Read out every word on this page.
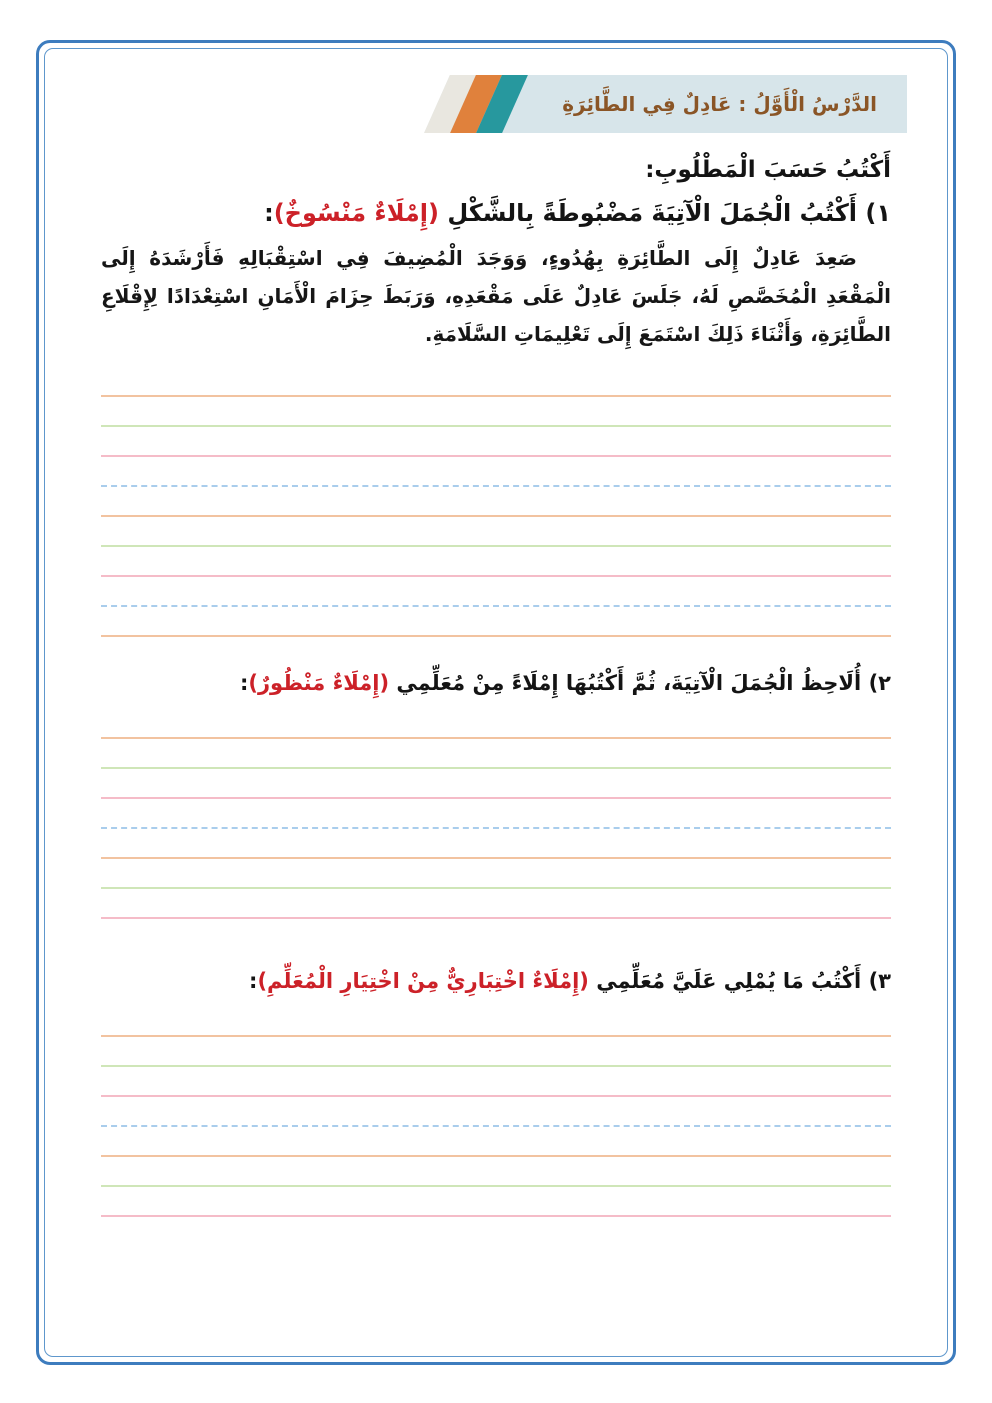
الدَّرْسُ الْأَوَّلُ : عَادِلٌ فِي الطَّائِرَةِ

أَكْتُبُ حَسَبَ الْمَطْلُوبِ:

١) أَكْتُبُ الْجُمَلَ الْآتِيَةَ مَضْبُوطَةً بِالشَّكْلِ (إِمْلَاءٌ مَنْسُوخٌ):

صَعِدَ عَادِلٌ إِلَى الطَّائِرَةِ بِهُدُوءٍ، وَوَجَدَ الْمُضِيفَ فِي اسْتِقْبَالِهِ فَأَرْشَدَهُ إِلَى الْمَقْعَدِ الْمُخَصَّصِ لَهُ، جَلَسَ عَادِلٌ عَلَى مَقْعَدِهِ، وَرَبَطَ حِزَامَ الْأَمَانِ اسْتِعْدَادًا لِإِقْلَاعِ الطَّائِرَةِ، وَأَثْنَاءَ ذَلِكَ اسْتَمَعَ إِلَى تَعْلِيمَاتِ السَّلَامَةِ.

٢) أُلَاحِظُ الْجُمَلَ الْآتِيَةَ، ثُمَّ أَكْتُبُهَا إِمْلَاءً مِنْ مُعَلِّمِي (إِمْلَاءٌ مَنْظُورٌ):

٣) أَكْتُبُ مَا يُمْلِي عَلَيَّ مُعَلِّمِي (إِمْلَاءٌ اخْتِبَارِيٌّ مِنْ اخْتِيَارِ الْمُعَلِّمِ):
